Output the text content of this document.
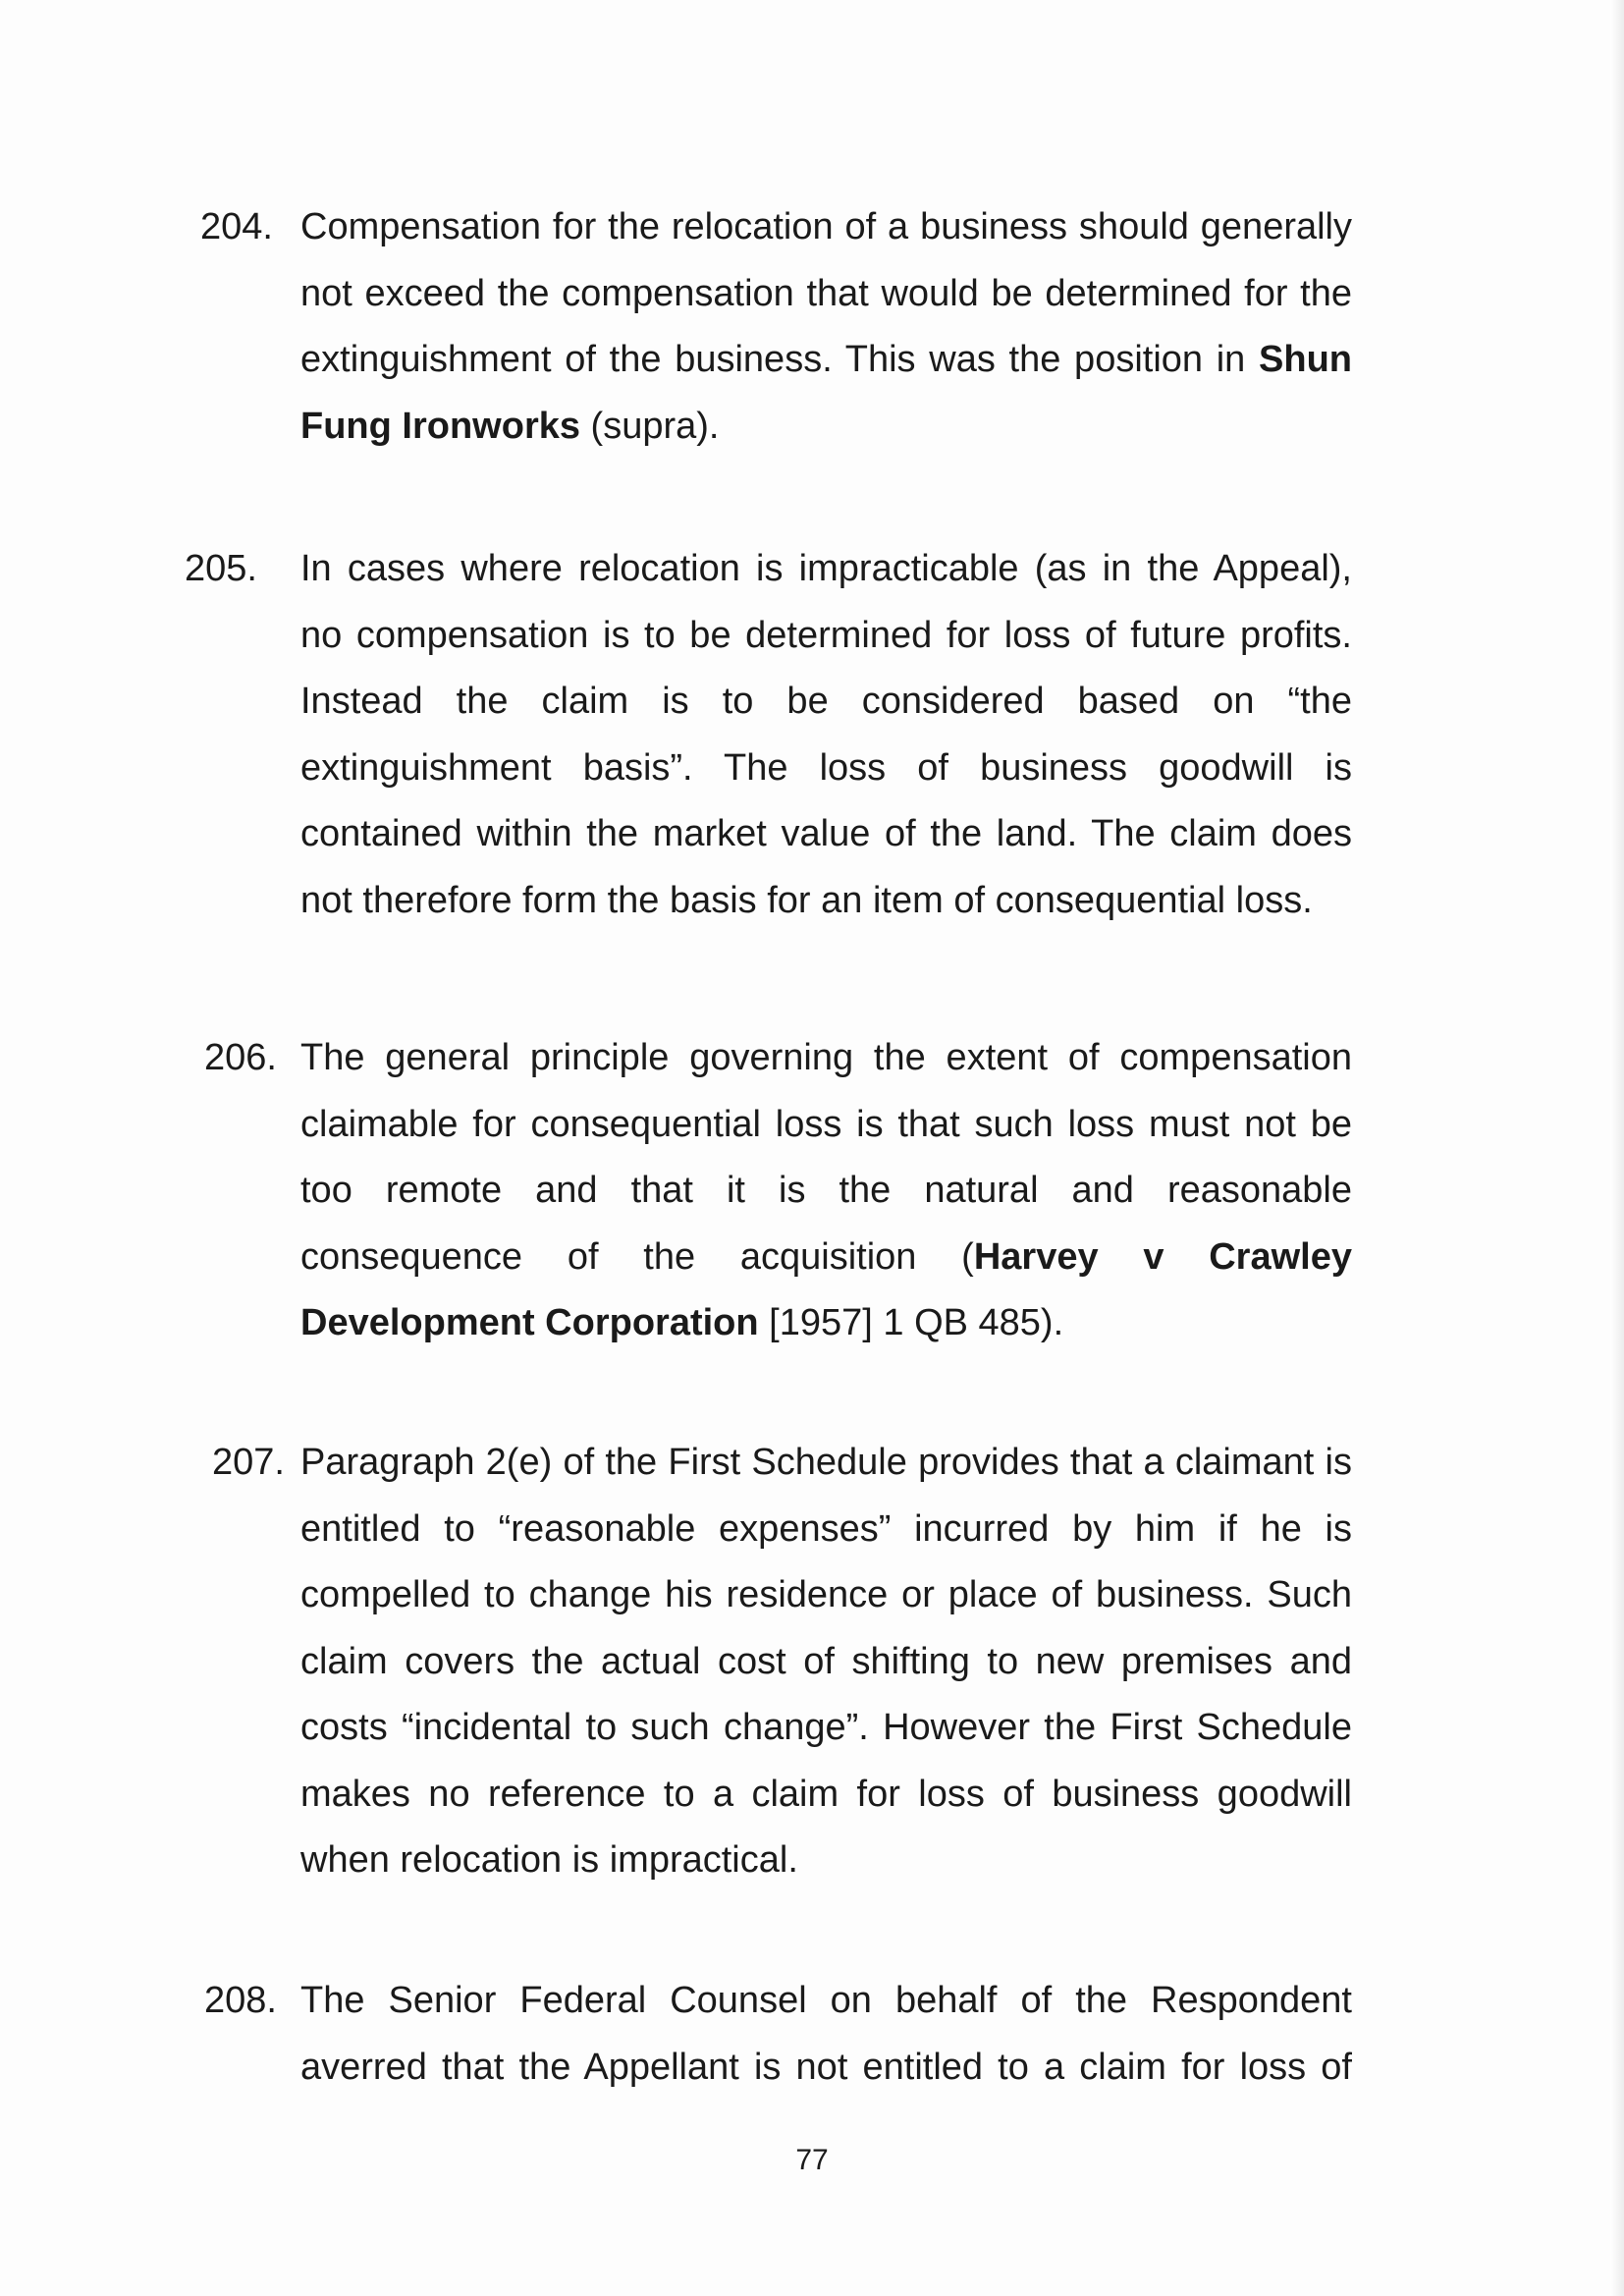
204. Compensation for the relocation of a business should generally not exceed the compensation that would be determined for the extinguishment of the business. This was the position in Shun Fung Ironworks (supra).
205. In cases where relocation is impracticable (as in the Appeal), no compensation is to be determined for loss of future profits. Instead the claim is to be considered based on “the extinguishment basis”. The loss of business goodwill is contained within the market value of the land. The claim does not therefore form the basis for an item of consequential loss.
206. The general principle governing the extent of compensation claimable for consequential loss is that such loss must not be too remote and that it is the natural and reasonable consequence of the acquisition (Harvey v Crawley Development Corporation [1957] 1 QB 485).
207. Paragraph 2(e) of the First Schedule provides that a claimant is entitled to “reasonable expenses” incurred by him if he is compelled to change his residence or place of business. Such claim covers the actual cost of shifting to new premises and costs “incidental to such change”. However the First Schedule makes no reference to a claim for loss of business goodwill when relocation is impractical.
208. The Senior Federal Counsel on behalf of the Respondent averred that the Appellant is not entitled to a claim for loss of
77
